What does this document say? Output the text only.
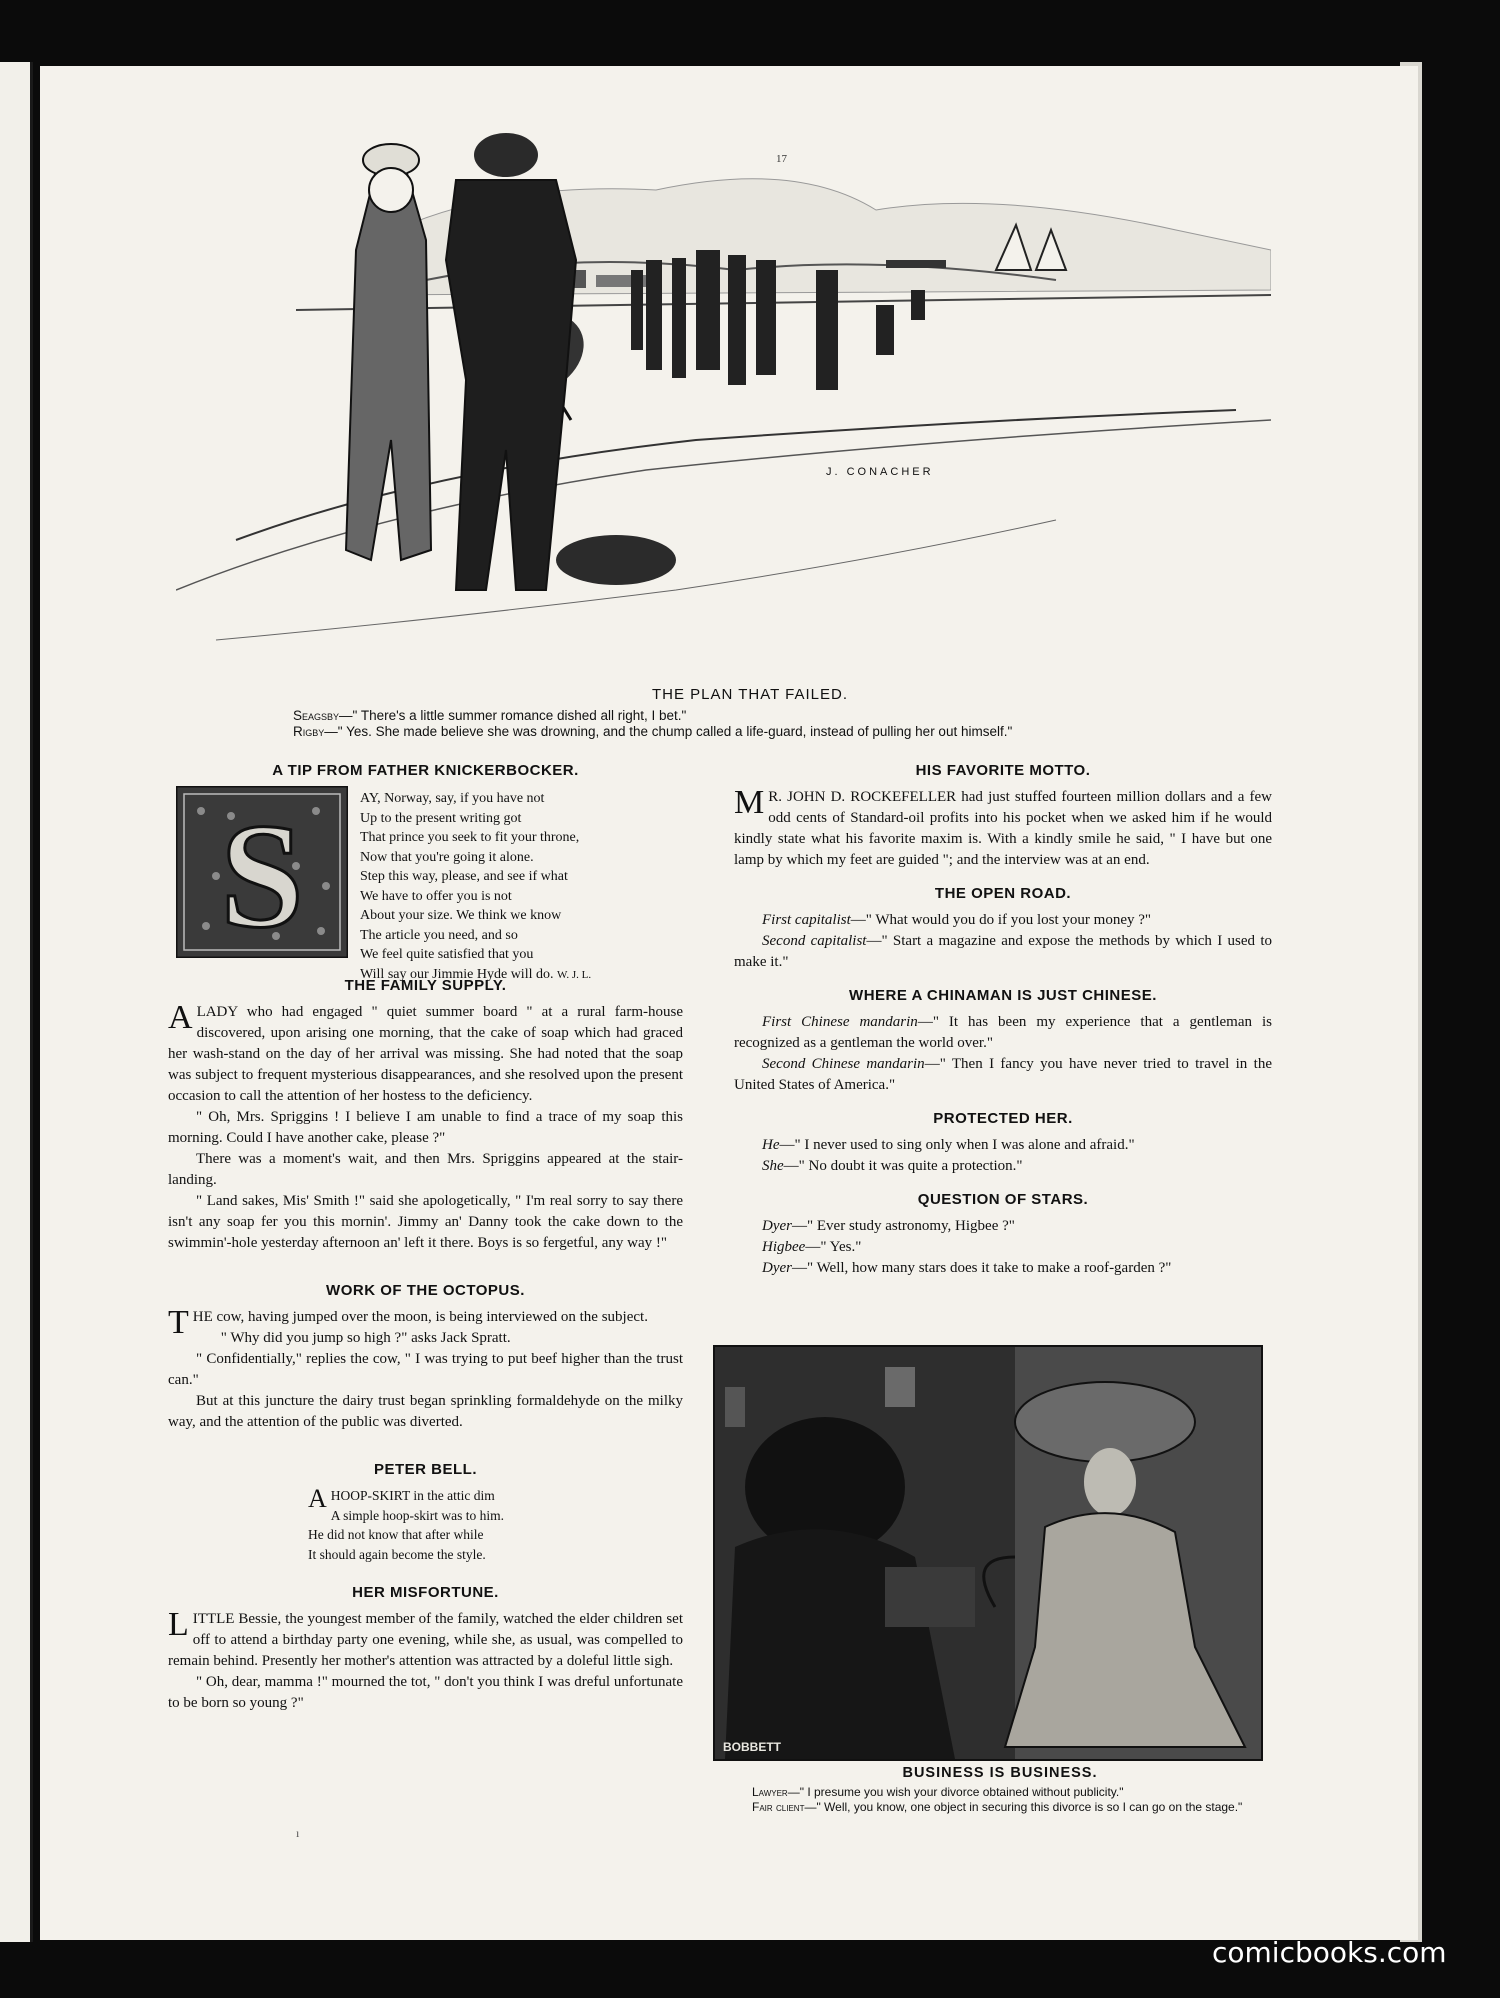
J. CONACHER
17
THE PLAN THAT FAILED.
Seagsby—" There's a little summer romance dished all right, I bet."
Rigby—" Yes. She made believe she was drowning, and the chump called a life-guard, instead of pulling her out himself."
A TIP FROM FATHER KNICKERBOCKER.
AY, Norway, say, if you have not
Up to the present writing got
That prince you seek to fit your throne,
Now that you're going it alone.
Step this way, please, and see if what
We have to offer you is not
About your size. We think we know
The article you need, and so
We feel quite satisfied that you
Will say our Jimmie Hyde will do. W. J. L.
THE FAMILY SUPPLY.

ALADY who had engaged " quiet summer board " at a rural farm-house discovered, upon arising one morning, that the cake of soap which had graced her wash-stand on the day of her arrival was missing. She had noted that the soap was subject to frequent mysterious disappearances, and she resolved upon the present occasion to call the attention of her hostess to the deficiency.

" Oh, Mrs. Spriggins ! I believe I am unable to find a trace of my soap this morning. Could I have another cake, please ?"

There was a moment's wait, and then Mrs. Spriggins appeared at the stair-landing.

" Land sakes, Mis' Smith !" said she apologetically, " I'm real sorry to say there isn't any soap fer you this mornin'. Jimmy an' Danny took the cake down to the swimmin'-hole yesterday afternoon an' left it there. Boys is so fergetful, any way !"

WORK OF THE OCTOPUS.

THE cow, having jumped over the moon, is being interviewed on the subject.

" Why did you jump so high ?" asks Jack Spratt.

" Confidentially," replies the cow, " I was trying to put beef higher than the trust can."

But at this juncture the dairy trust began sprinkling formaldehyde on the milky way, and the attention of the public was diverted.

PETER BELL.
AHOOP-SKIRT in the attic dim
A simple hoop-skirt was to him.
He did not know that after while
It should again become the style.
HER MISFORTUNE.

LITTLE Bessie, the youngest member of the family, watched the elder children set off to attend a birthday party one evening, while she, as usual, was compelled to remain behind. Presently her mother's attention was attracted by a doleful little sigh.

" Oh, dear, mamma !" mourned the tot, " don't you think I was dreful unfortunate to be born so young ?"

S
HIS FAVORITE MOTTO.

M R. JOHN D. ROCKEFELLER had just stuffed fourteen million dollars and a few odd cents of Standard-oil profits into his pocket when we asked him if he would kindly state what his favorite maxim is. With a kindly smile he said, " I have but one lamp by which my feet are guided "; and the interview was at an end.

THE OPEN ROAD.

First capitalist—" What would you do if you lost your money ?"

Second capitalist—" Start a magazine and expose the methods by which I used to make it."

WHERE A CHINAMAN IS JUST CHINESE.

First Chinese mandarin—" It has been my experience that a gentleman is recognized as a gentleman the world over."

Second Chinese mandarin—" Then I fancy you have never tried to travel in the United States of America."

PROTECTED HER.

He—" I never used to sing only when I was alone and afraid."

She—" No doubt it was quite a protection."

QUESTION OF STARS.

Dyer—" Ever study astronomy, Higbee ?"

Higbee—" Yes."

Dyer—" Well, how many stars does it take to make a roof-garden ?"

BOBBETT
BUSINESS IS BUSINESS.
Lawyer—" I presume you wish your divorce obtained without publicity."
Fair client—" Well, you know, one object in securing this divorce is so I can go on the stage."
ı
comicbooks.com
